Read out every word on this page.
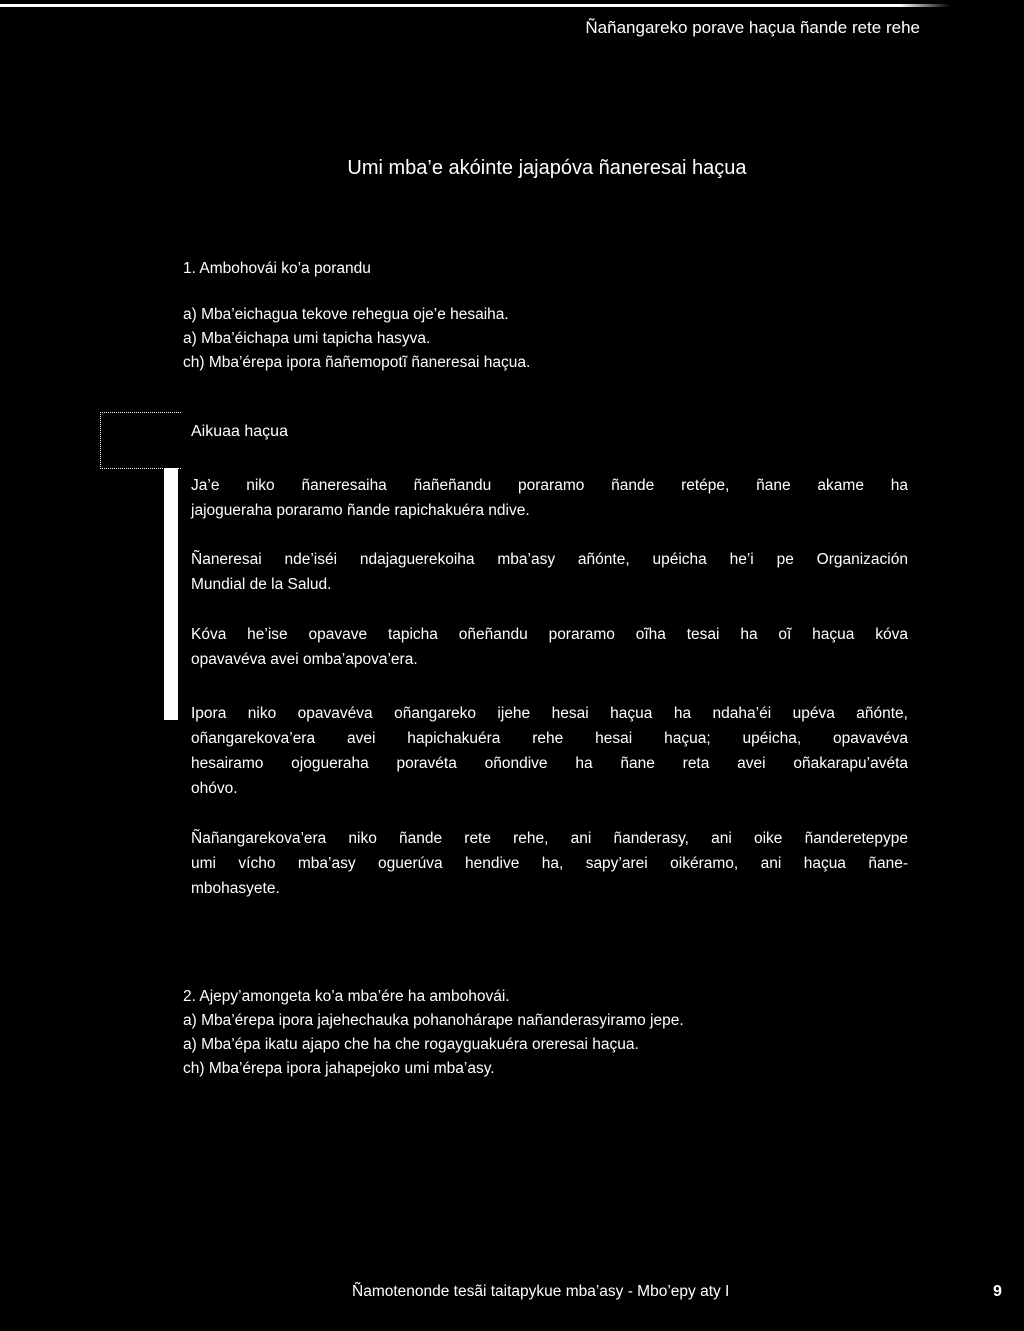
Ñañangareko porave haçua ñande rete rehe
Umi mba’e akóinte jajapóva ñaneresai haçua
1. Ambohovái ko’a porandu
a) Mba’eichagua tekove rehegua oje’e hesaiha.
a) Mba’éichapa umi tapicha hasyva.
ch) Mba’érepa ipora ñañemopotĩ ñaneresai haçua.
Aikuaa haçua
Ja’e niko ñaneresaiha ñañeñandu poraramo ñande retépe, ñane akame ha
jajogueraha poraramo ñande rapichakuéra ndive.
Ñaneresai nde’iséi ndajaguerekoiha mba’asy añónte, upéicha he’i pe Organización
Mundial de la Salud.
Kóva he’ise opavave tapicha oñeñandu poraramo oĩha tesai ha oĩ haçua kóva
opavavéva avei omba’apova’era.
Ipora niko opavavéva oñangareko ijehe hesai haçua ha ndaha’éi upéva añónte,
oñangarekova’era avei hapichakuéra rehe hesai haçua; upéicha, opavavéva
hesairamo ojogueraha poravéta oñondive ha ñane reta avei oñakarapu’avéta
ohóvo.
Ñañangarekova’era niko ñande rete rehe, ani ñanderasy, ani oike ñanderetepype
umi vícho mba’asy oguerúva hendive ha, sapy’arei oikéramo, ani haçua ñane-
mbohasyete.
2. Ajepy’amongeta ko’a mba’ére ha ambohovái.
a) Mba’érepa ipora jajehechauka pohanohárape nañanderasyiramo jepe.
a) Mba’épa ikatu ajapo che ha che rogayguakuéra oreresai haçua.
ch) Mba’érepa ipora jahapejoko umi mba’asy.
Ñamotenonde tesãi taitapykue mba’asy - Mbo’epy aty I	9
